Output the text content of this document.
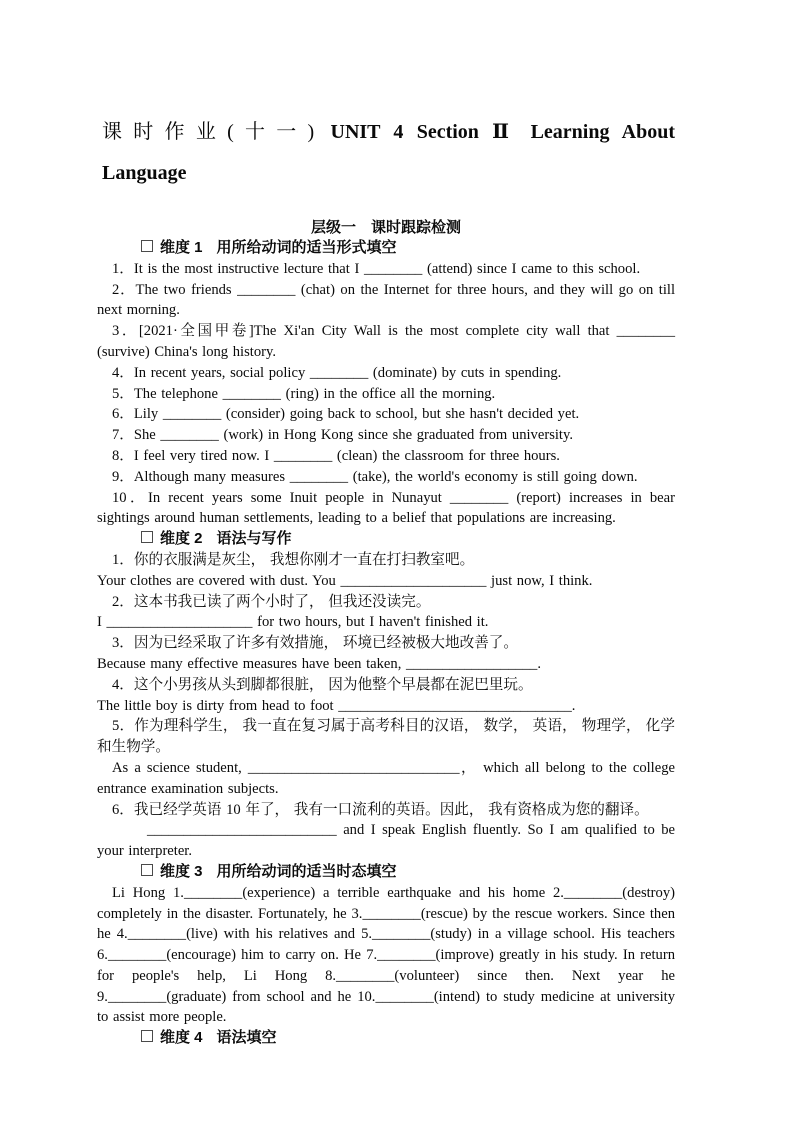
课时作业(十一) UNIT 4 Section Ⅱ Learning About
Language

层级一　课时跟踪检测

维度 1 用所给动词的适当形式填空

1．It is the most instructive lecture that I ________ (attend) since I came to this school.

2．The two friends ________ (chat) on the Internet for three hours, and they will go on till next morning.

3．[2021·全国甲卷]The Xi'an City Wall is the most complete city wall that ________ (survive) China's long history.

4．In recent years, social policy ________ (dominate) by cuts in spending.

5．The telephone ________ (ring) in the office all the morning.

6．Lily ________ (consider) going back to school, but she hasn't decided yet.

7．She ________ (work) in Hong Kong since she graduated from university.

8．I feel very tired now. I ________ (clean) the classroom for three hours.

9．Although many measures ________ (take), the world's economy is still going down.

10．In recent years some Inuit people in Nunayut ________ (report) increases in bear sightings around human settlements, leading to a belief that populations are increasing.

维度 2 语法与写作

1．你的衣服满是灰尘， 我想你刚才一直在打扫教室吧。

Your clothes are covered with dust. You ____________________ just now, I think.

2．这本书我已读了两个小时了， 但我还没读完。

I ____________________ for two hours, but I haven't finished it.

3．因为已经采取了许多有效措施， 环境已经被极大地改善了。

Because many effective measures have been taken, __________________.

4．这个小男孩从头到脚都很脏， 因为他整个早晨都在泥巴里玩。

The little boy is dirty from head to foot ________________________________.

5．作为理科学生， 我一直在复习属于高考科目的汉语， 数学， 英语， 物理学， 化学和生物学。

As a science student, _____________________________， which all belong to the college entrance examination subjects.

6．我已经学英语 10 年了， 我有一口流利的英语。因此， 我有资格成为您的翻译。

__________________________ and I speak English fluently. So I am qualified to be your interpreter.

维度 3 用所给动词的适当时态填空

Li Hong 1.________(experience) a terrible earthquake and his home 2.________(destroy) completely in the disaster. Fortunately, he 3.________(rescue) by the rescue workers. Since then he 4.________(live) with his relatives and 5.________(study) in a village school. His teachers 6.________(encourage) him to carry on. He 7.________(improve) greatly in his study. In return for people's help, Li Hong 8.________(volunteer) since then. Next year he 9.________(graduate) from school and he 10.________(intend) to study medicine at university to assist more people.

维度 4 语法填空
